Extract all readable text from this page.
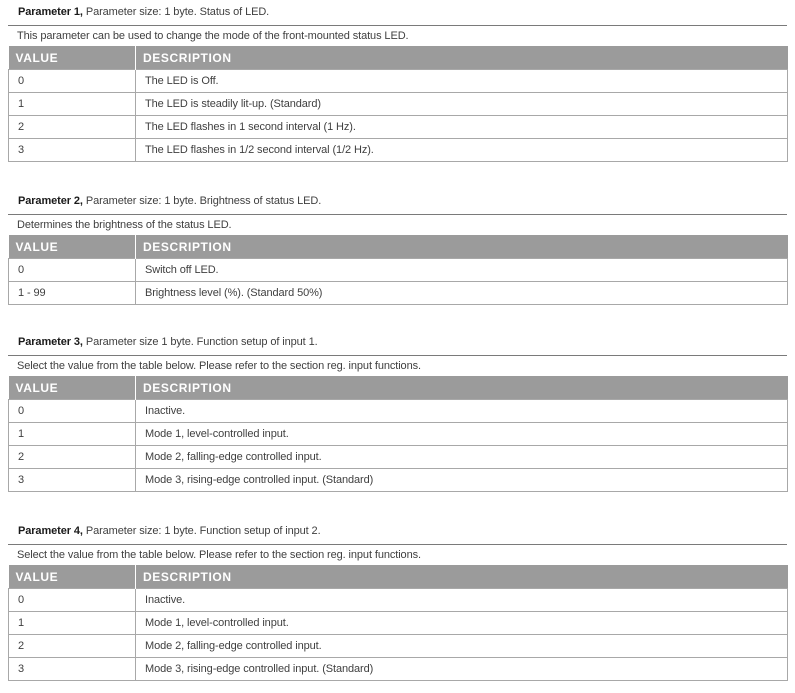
Parameter 1, Parameter size: 1 byte. Status of LED.
This parameter can be used to change the mode of the front-mounted status LED.
VALUE	DESCRIPTION
0	The LED is Off.
1	The LED is steadily lit-up. (Standard)
2	The LED flashes in 1 second interval (1 Hz).
3	The LED flashes in 1/2 second interval (1/2 Hz).
Parameter 2, Parameter size: 1 byte. Brightness of status LED.
Determines the brightness of the status LED.
VALUE	DESCRIPTION
0	Switch off LED.
1 - 99	Brightness level (%). (Standard 50%)
Parameter 3, Parameter size 1 byte. Function setup of input 1.
Select the value from the table below. Please refer to the section reg. input functions.
VALUE	DESCRIPTION
0	Inactive.
1	Mode 1, level-controlled input.
2	Mode 2, falling-edge controlled input.
3	Mode 3, rising-edge controlled input. (Standard)
Parameter 4, Parameter size: 1 byte. Function setup of input 2.
Select the value from the table below. Please refer to the section reg. input functions.
VALUE	DESCRIPTION
0	Inactive.
1	Mode 1, level-controlled input.
2	Mode 2, falling-edge controlled input.
3	Mode 3, rising-edge controlled input. (Standard)
